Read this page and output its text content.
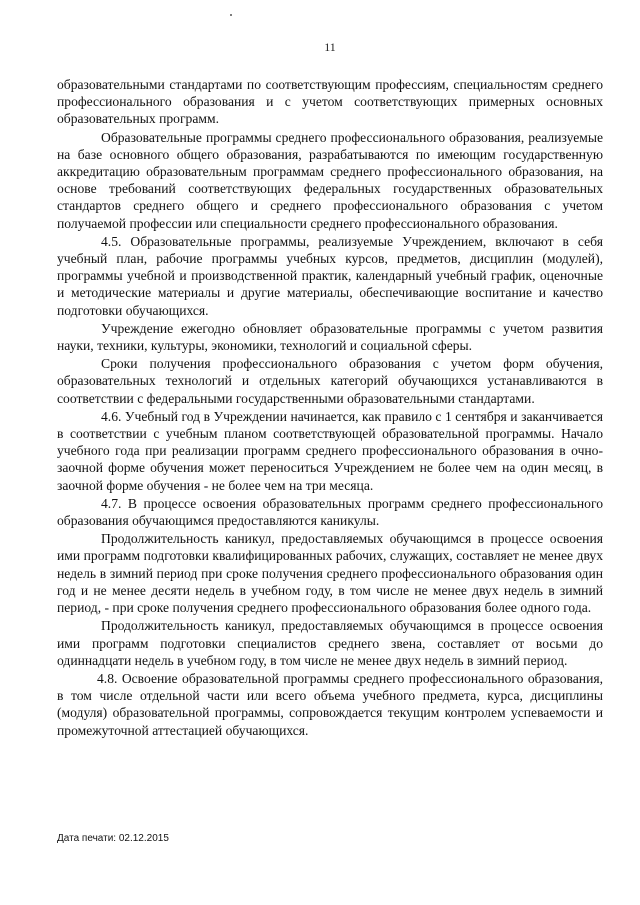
11

образовательными стандартами по соответствующим профессиям, специальностям среднего профессионального образования и с учетом соответствующих примерных основных образовательных программ.

Образовательные программы среднего профессионального образования, реализуемые на базе основного общего образования, разрабатываются по имеющим государственную аккредитацию образовательным программам среднего профессионального образования, на основе требований соответствующих федеральных государственных образовательных стандартов среднего общего и среднего профессионального образования с учетом получаемой профессии или специальности среднего профессионального образования.

4.5. Образовательные программы, реализуемые Учреждением, включают в себя учебный план, рабочие программы учебных курсов, предметов, дисциплин (модулей), программы учебной и производственной практик, календарный учебный график, оценочные и методические материалы и другие материалы, обеспечивающие воспитание и качество подготовки обучающихся.

Учреждение ежегодно обновляет образовательные программы с учетом развития науки, техники, культуры, экономики, технологий и социальной сферы.

Сроки получения профессионального образования с учетом форм обучения, образовательных технологий и отдельных категорий обучающихся устанавливаются в соответствии с федеральными государственными образовательными стандартами.

4.6. Учебный год в Учреждении начинается, как правило с 1 сентября и заканчивается в соответствии с учебным планом соответствующей образовательной программы. Начало учебного года при реализации программ среднего профессионального образования в очно-заочной форме обучения может переноситься Учреждением не более чем на один месяц, в заочной форме обучения - не более чем на три месяца.

4.7. В процессе освоения образовательных программ среднего профессионального образования обучающимся предоставляются каникулы.

Продолжительность каникул, предоставляемых обучающимся в процессе освоения ими программ подготовки квалифицированных рабочих, служащих, составляет не менее двух недель в зимний период при сроке получения среднего профессионального образования один год и не менее десяти недель в учебном году, в том числе не менее двух недель в зимний период, - при сроке получения среднего профессионального образования более одного года.

Продолжительность каникул, предоставляемых обучающимся в процессе освоения ими программ подготовки специалистов среднего звена, составляет от восьми до одиннадцати недель в учебном году, в том числе не менее двух недель в зимний период.

4.8. Освоение образовательной программы среднего профессионального образования, в том числе отдельной части или всего объема учебного предмета, курса, дисциплины (модуля) образовательной программы, сопровождается текущим контролем успеваемости и промежуточной аттестацией обучающихся.

Дата печати: 02.12.2015
